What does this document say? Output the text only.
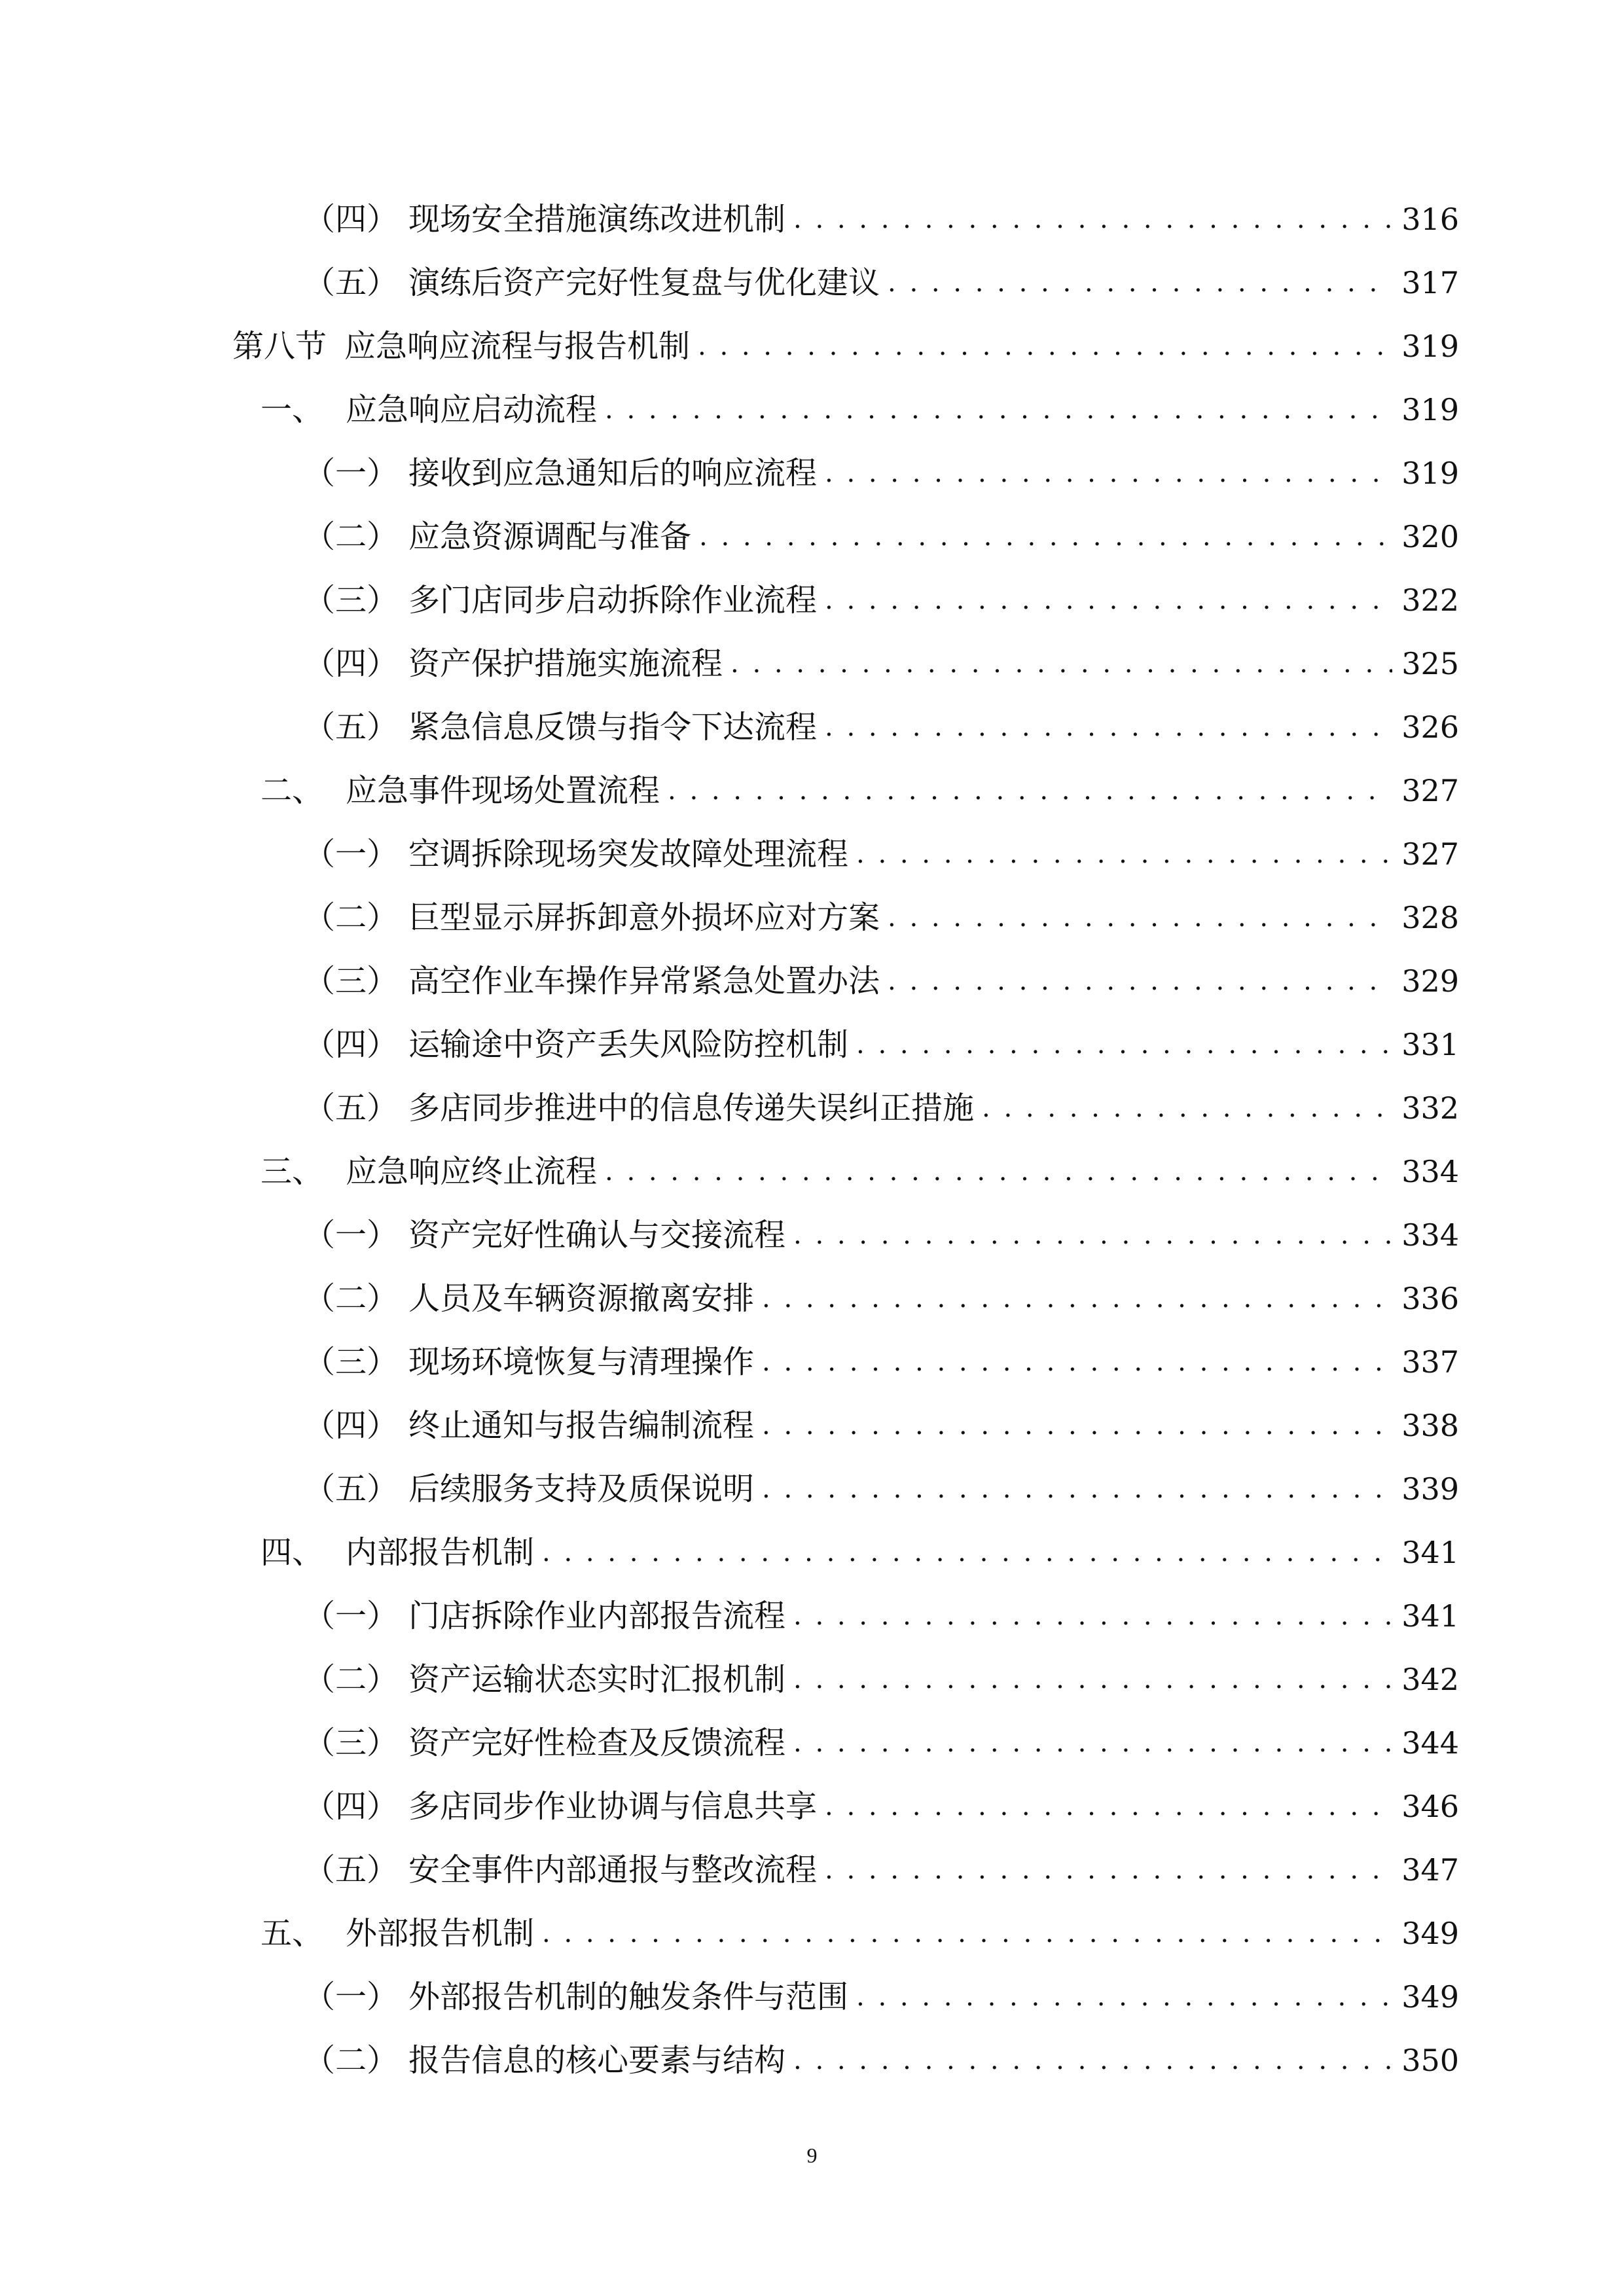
（四） 现场安全措施演练改进机制 . . .	316
（五） 演练后资产完好性复盘与优化建议 . . .	317
第八节 应急响应流程与报告机制 . . .	319
一、 应急响应启动流程 . . .	319
（一） 接收到应急通知后的响应流程 . . .	319
（二） 应急资源调配与准备 . . .	320
（三） 多门店同步启动拆除作业流程 . . .	322
（四） 资产保护措施实施流程 . . .	325
（五） 紧急信息反馈与指令下达流程 . . .	326
二、 应急事件现场处置流程 . . .	327
（一） 空调拆除现场突发故障处理流程 . . .	327
（二） 巨型显示屏拆卸意外损坏应对方案 . . .	328
（三） 高空作业车操作异常紧急处置办法 . . .	329
（四） 运输途中资产丢失风险防控机制 . . .	331
（五） 多店同步推进中的信息传递失误纠正措施 . . .	332
三、 应急响应终止流程 . . .	334
（一） 资产完好性确认与交接流程 . . .	334
（二） 人员及车辆资源撤离安排 . . .	336
（三） 现场环境恢复与清理操作 . . .	337
（四） 终止通知与报告编制流程 . . .	338
（五） 后续服务支持及质保说明 . . .	339
四、 内部报告机制 . . .	341
（一） 门店拆除作业内部报告流程 . . .	341
（二） 资产运输状态实时汇报机制 . . .	342
（三） 资产完好性检查及反馈流程 . . .	344
（四） 多店同步作业协调与信息共享 . . .	346
（五） 安全事件内部通报与整改流程 . . .	347
五、 外部报告机制 . . .	349
（一） 外部报告机制的触发条件与范围 . . .	349
（二） 报告信息的核心要素与结构 . . .	350
9
